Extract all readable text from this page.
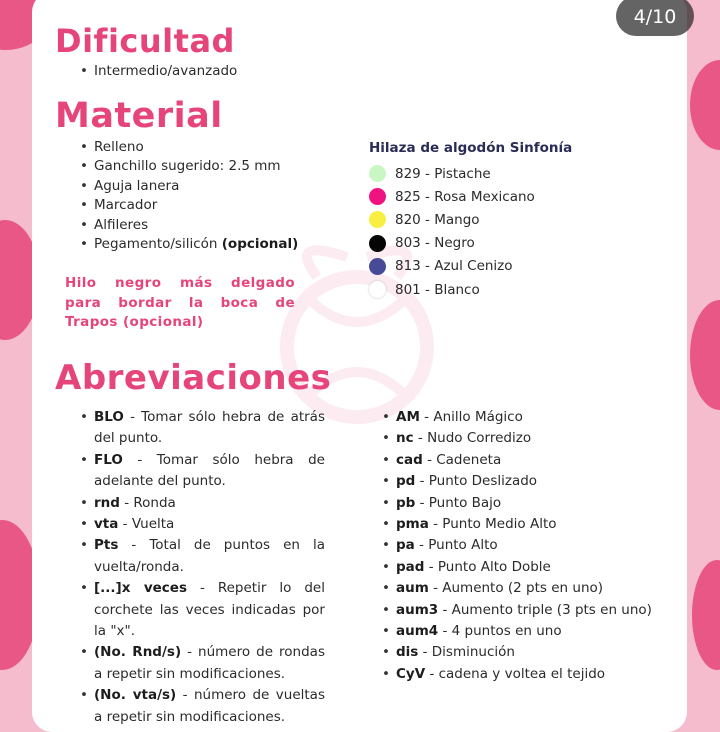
Dificultad
• Intermedio/avanzado
Material
• Relleno
• Ganchillo sugerido: 2.5 mm
• Aguja lanera
• Marcador
• Alfileres
• Pegamento/silicón (opcional)
Hilo negro más delgado para bordar la boca de Trapos (opcional)
Hilaza de algodón Sinfonía
829 - Pistache
825 - Rosa Mexicano
820 - Mango
803 - Negro
813 - Azul Cenizo
801 - Blanco
Abreviaciones
• BLO - Tomar sólo hebra de atrás del punto.
• FLO - Tomar sólo hebra de adelante del punto.
• rnd - Ronda
• vta - Vuelta
• Pts - Total de puntos en la vuelta/ronda.
• [...]x veces - Repetir lo del corchete las veces indicadas por la "x".
• (No. Rnd/s) - número de rondas a repetir sin modificaciones.
• (No. vta/s) - número de vueltas a repetir sin modificaciones.
• AM - Anillo Mágico
• nc - Nudo Corredizo
• cad - Cadeneta
• pd - Punto Deslizado
• pb - Punto Bajo
• pma - Punto Medio Alto
• pa - Punto Alto
• pad - Punto Alto Doble
• aum - Aumento (2 pts en uno)
• aum3 - Aumento triple (3 pts en uno)
• aum4 - 4 puntos en uno
• dis - Disminución
• CyV - cadena y voltea el tejido
4/10
